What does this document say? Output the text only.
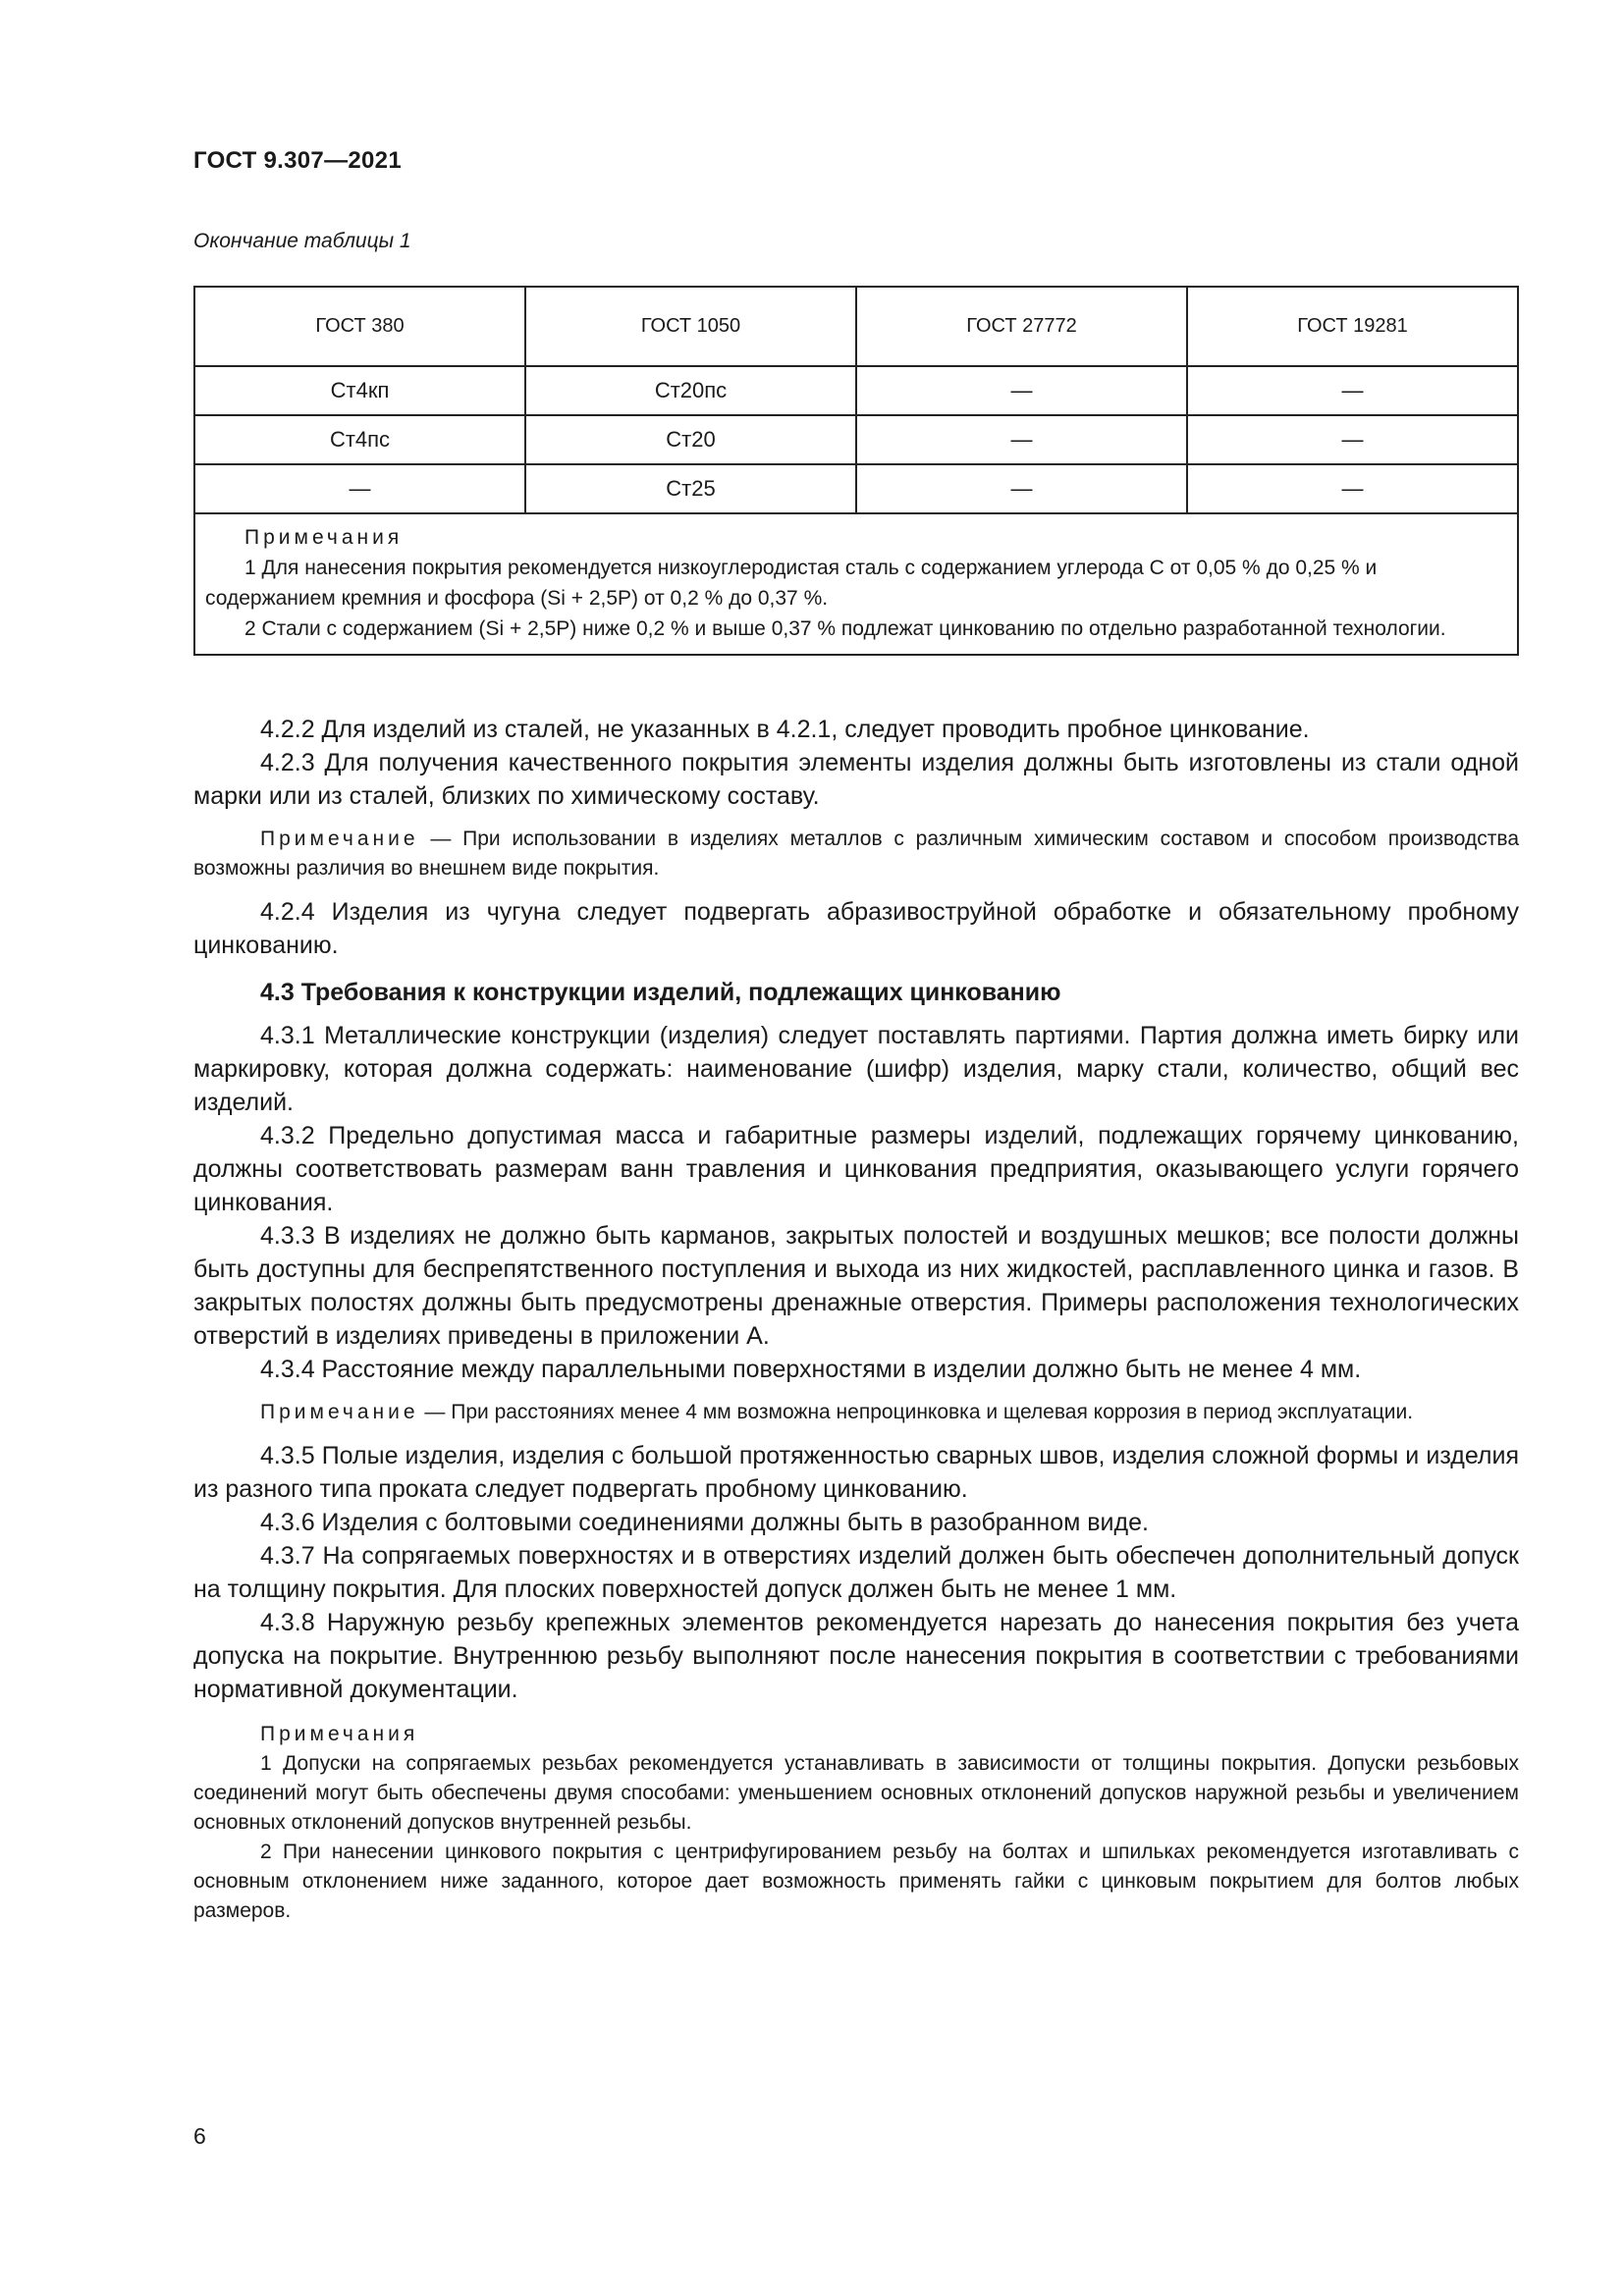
ГОСТ 9.307—2021
Окончание таблицы 1
ГОСТ 380	ГОСТ 1050	ГОСТ 27772	ГОСТ 19281
Ст4кп	Ст20пс	—	—
Ст4пс	Ст20	—	—
—	Ст25	—	—

Примечания
1 Для нанесения покрытия рекомендуется низкоуглеродистая сталь с содержанием углерода С от 0,05 % до 0,25 % и содержанием кремния и фосфора (Si + 2,5P) от 0,2 % до 0,37 %.
2 Стали с содержанием (Si + 2,5P) ниже 0,2 % и выше 0,37 % подлежат цинкованию по отдельно разработанной технологии.			

4.2.2 Для изделий из сталей, не указанных в 4.2.1, следует проводить пробное цинкование.

4.2.3 Для получения качественного покрытия элементы изделия должны быть изготовлены из стали одной марки или из сталей, близких по химическому составу.

Примечание — При использовании в изделиях металлов с различным химическим составом и способом производства возможны различия во внешнем виде покрытия.

4.2.4 Изделия из чугуна следует подвергать абразивоструйной обработке и обязательному пробному цинкованию.

4.3 Требования к конструкции изделий, подлежащих цинкованию

4.3.1 Металлические конструкции (изделия) следует поставлять партиями. Партия должна иметь бирку или маркировку, которая должна содержать: наименование (шифр) изделия, марку стали, количество, общий вес изделий.

4.3.2 Предельно допустимая масса и габаритные размеры изделий, подлежащих горячему цинкованию, должны соответствовать размерам ванн травления и цинкования предприятия, оказывающего услуги горячего цинкования.

4.3.3 В изделиях не должно быть карманов, закрытых полостей и воздушных мешков; все полости должны быть доступны для беспрепятственного поступления и выхода из них жидкостей, расплавленного цинка и газов. В закрытых полостях должны быть предусмотрены дренажные отверстия. Примеры расположения технологических отверстий в изделиях приведены в приложении А.

4.3.4 Расстояние между параллельными поверхностями в изделии должно быть не менее 4 мм.

Примечание — При расстояниях менее 4 мм возможна непроцинковка и щелевая коррозия в период эксплуатации.

4.3.5 Полые изделия, изделия с большой протяженностью сварных швов, изделия сложной формы и изделия из разного типа проката следует подвергать пробному цинкованию.

4.3.6 Изделия с болтовыми соединениями должны быть в разобранном виде.

4.3.7 На сопрягаемых поверхностях и в отверстиях изделий должен быть обеспечен дополнительный допуск на толщину покрытия. Для плоских поверхностей допуск должен быть не менее 1 мм.

4.3.8 Наружную резьбу крепежных элементов рекомендуется нарезать до нанесения покрытия без учета допуска на покрытие. Внутреннюю резьбу выполняют после нанесения покрытия в соответствии с требованиями нормативной документации.

Примечания

1 Допуски на сопрягаемых резьбах рекомендуется устанавливать в зависимости от толщины покрытия. Допуски резьбовых соединений могут быть обеспечены двумя способами: уменьшением основных отклонений допусков наружной резьбы и увеличением основных отклонений допусков внутренней резьбы.

2 При нанесении цинкового покрытия с центрифугированием резьбу на болтах и шпильках рекомендуется изготавливать с основным отклонением ниже заданного, которое дает возможность применять гайки с цинковым покрытием для болтов любых размеров.

6
